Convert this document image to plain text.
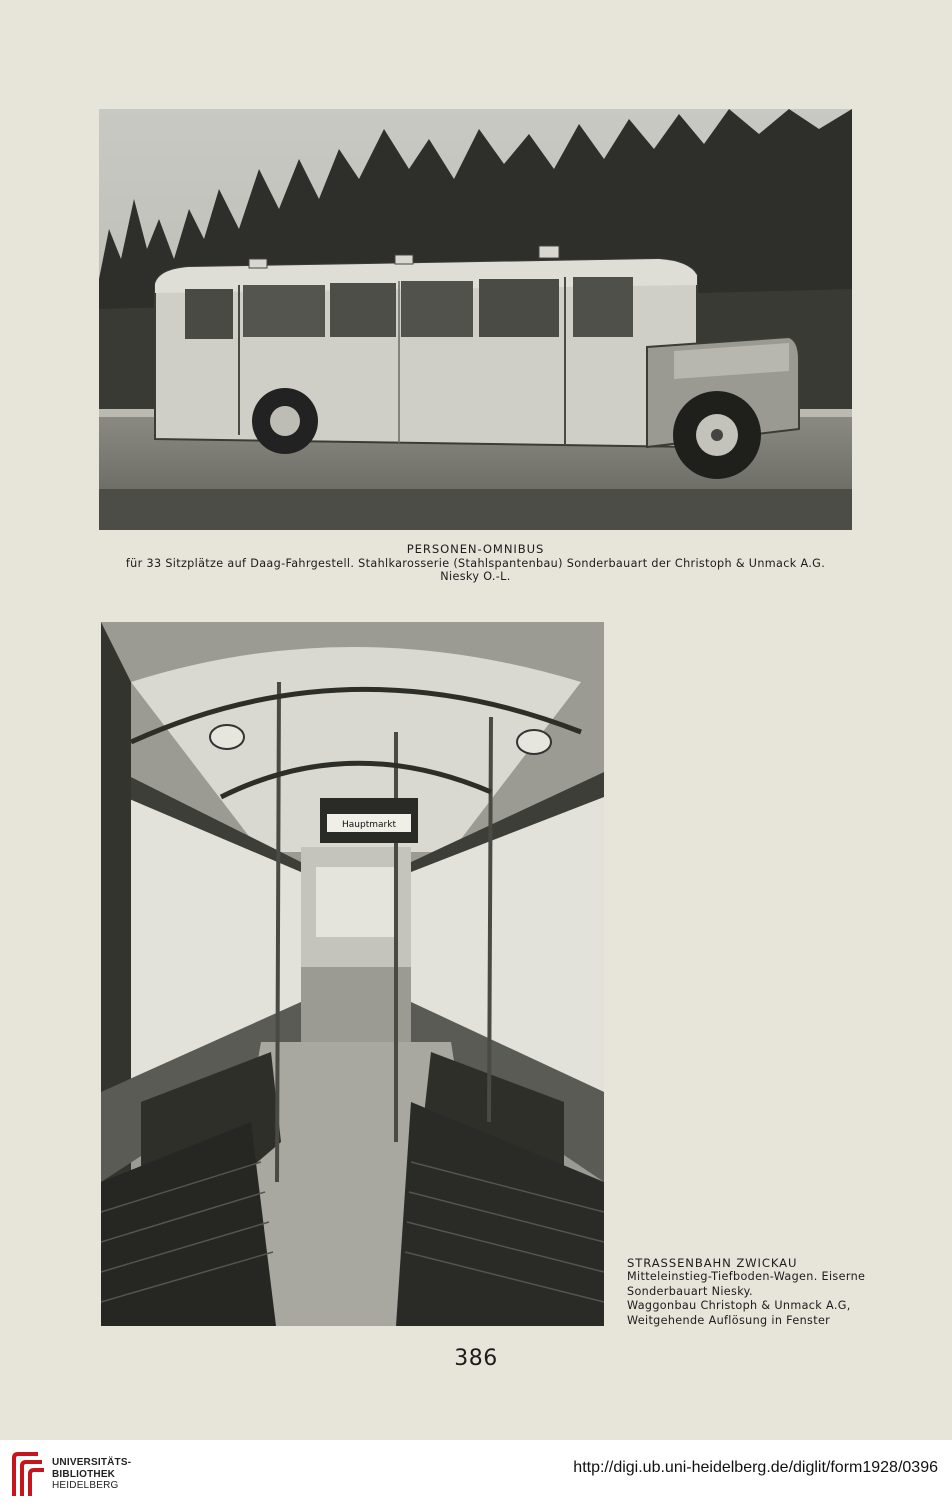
PERSONEN-OMNIBUS
für 33 Sitzplätze auf Daag-Fahrgestell. Stahlkarosserie (Stahlspantenbau) Sonderbauart der Christoph & Unmack A.G.
Niesky O.-L.
Hauptmarkt
STRASSENBAHN ZWICKAU
Mitteleinstieg-Tiefboden-Wagen. Eiserne
Sonderbauart Niesky.
Waggonbau Christoph & Unmack A.G,
Weitgehende Auflösung in Fenster
386
UNIVERSITÄTS-
BIBLIOTHEK
HEIDELBERG
http://digi.ub.uni-heidelberg.de/diglit/form1928/0396
